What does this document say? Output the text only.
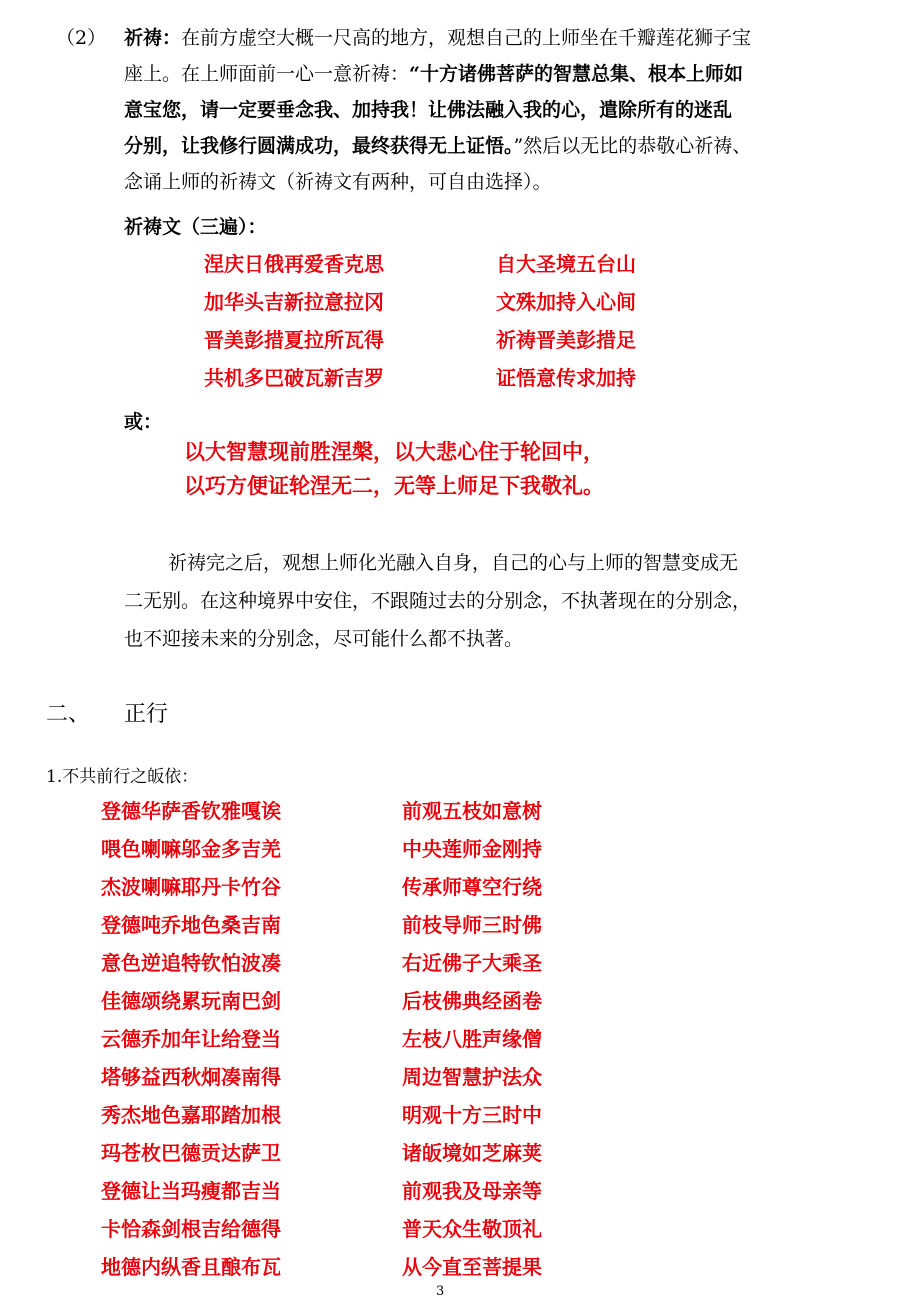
（2） 祈祷：在前方虚空大概一尺高的地方，观想自己的上师坐在千瓣莲花狮子宝
座上。在上师面前一心一意祈祷：“十方诸佛菩萨的智慧总集、根本上师如
意宝您，请一定要垂念我、加持我！让佛法融入我的心，遣除所有的迷乱
分别，让我修行圆满成功，最终获得无上证悟。”然后以无比的恭敬心祈祷、
念诵上师的祈祷文（祈祷文有两种，可自由选择）。
祈祷文（三遍）：
涅庆日俄再爱香克思	自大圣境五台山
加华头吉新拉意拉冈	文殊加持入心间
晋美彭措夏拉所瓦得	祈祷晋美彭措足
共机多巴破瓦新吉罗	证悟意传求加持
或：
以大智慧现前胜涅槃，以大悲心住于轮回中，
以巧方便证轮涅无二，无等上师足下我敬礼。
祈祷完之后，观想上师化光融入自身，自己的心与上师的智慧变成无
二无别。在这种境界中安住，不跟随过去的分别念，不执著现在的分别念，
也不迎接未来的分别念，尽可能什么都不执著。
二、 正行
1.不共前行之皈依：
登德华萨香钦雅嘎诶	前观五枝如意树
喂色喇嘛邬金多吉羌	中央莲师金刚持
杰波喇嘛耶丹卡竹谷	传承师尊空行绕
登德吨乔地色桑吉南	前枝导师三时佛
意色逆追特钦怕波凑	右近佛子大乘圣
佳德颂绕累玩南巴剑	后枝佛典经函卷
云德乔加年让给登当	左枝八胜声缘僧
塔够益西秋炯凑南得	周边智慧护法众
秀杰地色嘉耶踏加根	明观十方三时中
玛苍枚巴德贡达萨卫	诸皈境如芝麻荚
登德让当玛瘦都吉当	前观我及母亲等
卡恰森剑根吉给德得	普天众生敬顶礼
地德内纵香且酿布瓦	从今直至菩提果
3
